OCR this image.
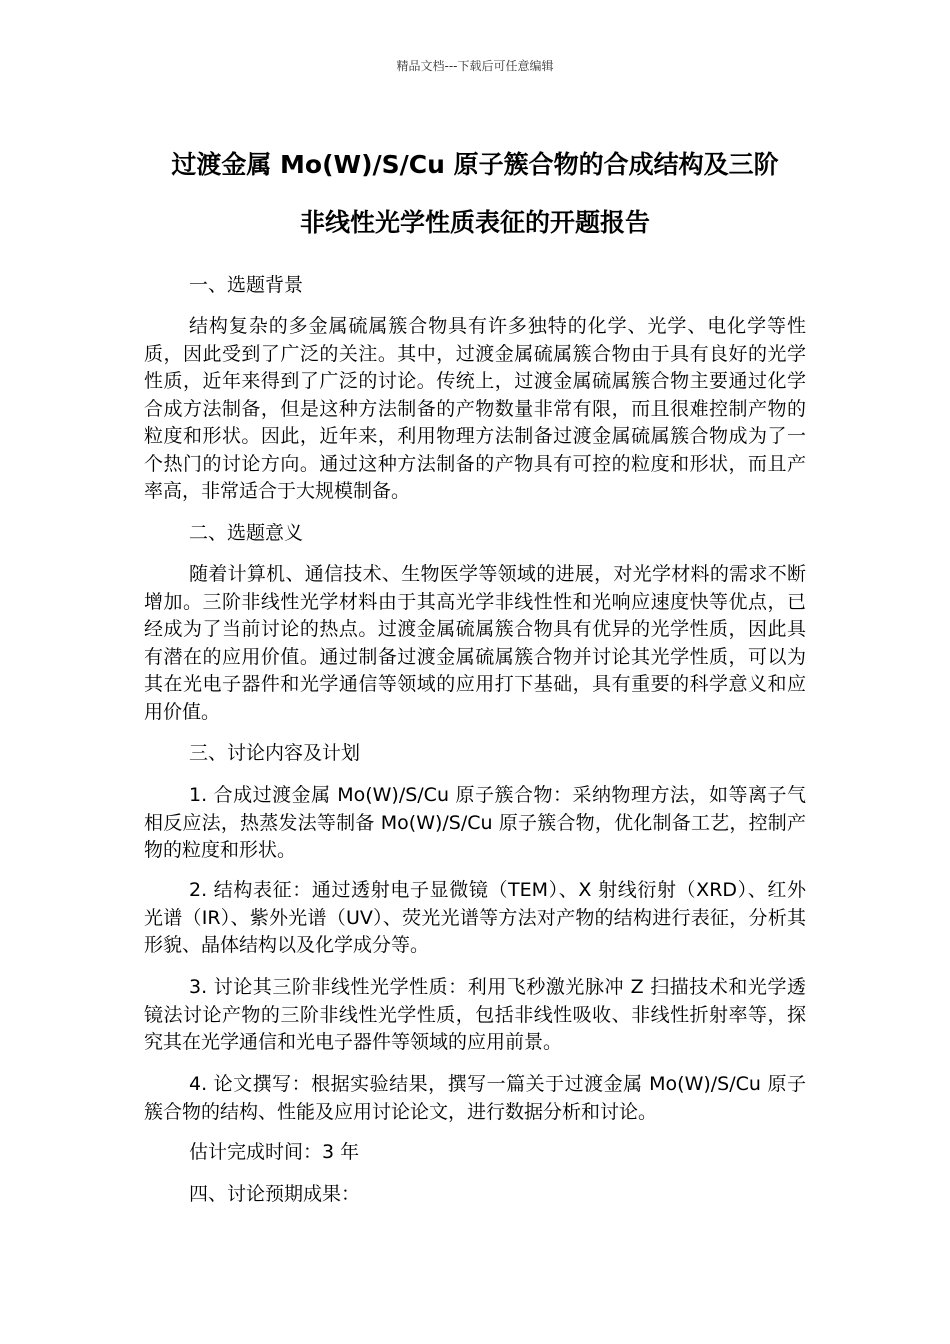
精品文档---下载后可任意编辑
过渡金属 Mo(W)/S/Cu 原子簇合物的合成结构及三阶
非线性光学性质表征的开题报告

一、选题背景

结构复杂的多金属硫属簇合物具有许多独特的化学、光学、电化学等性质，因此受到了广泛的关注。其中，过渡金属硫属簇合物由于具有良好的光学性质，近年来得到了广泛的讨论。传统上，过渡金属硫属簇合物主要通过化学合成方法制备，但是这种方法制备的产物数量非常有限，而且很难控制产物的粒度和形状。因此，近年来，利用物理方法制备过渡金属硫属簇合物成为了一个热门的讨论方向。通过这种方法制备的产物具有可控的粒度和形状，而且产率高，非常适合于大规模制备。

二、选题意义

随着计算机、通信技术、生物医学等领域的进展，对光学材料的需求不断增加。三阶非线性光学材料由于其高光学非线性性和光响应速度快等优点，已经成为了当前讨论的热点。过渡金属硫属簇合物具有优异的光学性质，因此具有潜在的应用价值。通过制备过渡金属硫属簇合物并讨论其光学性质，可以为其在光电子器件和光学通信等领域的应用打下基础，具有重要的科学意义和应用价值。

三、讨论内容及计划

1. 合成过渡金属 Mo(W)/S/Cu 原子簇合物：采纳物理方法，如等离子气相反应法，热蒸发法等制备 Mo(W)/S/Cu 原子簇合物，优化制备工艺，控制产物的粒度和形状。

2. 结构表征：通过透射电子显微镜（TEM）、X 射线衍射（XRD）、红外光谱（IR）、紫外光谱（UV）、荧光光谱等方法对产物的结构进行表征，分析其形貌、晶体结构以及化学成分等。

3. 讨论其三阶非线性光学性质：利用飞秒激光脉冲 Z 扫描技术和光学透镜法讨论产物的三阶非线性光学性质，包括非线性吸收、非线性折射率等，探究其在光学通信和光电子器件等领域的应用前景。

4. 论文撰写：根据实验结果，撰写一篇关于过渡金属 Mo(W)/S/Cu 原子簇合物的结构、性能及应用讨论论文，进行数据分析和讨论。

估计完成时间：3 年

四、讨论预期成果：
